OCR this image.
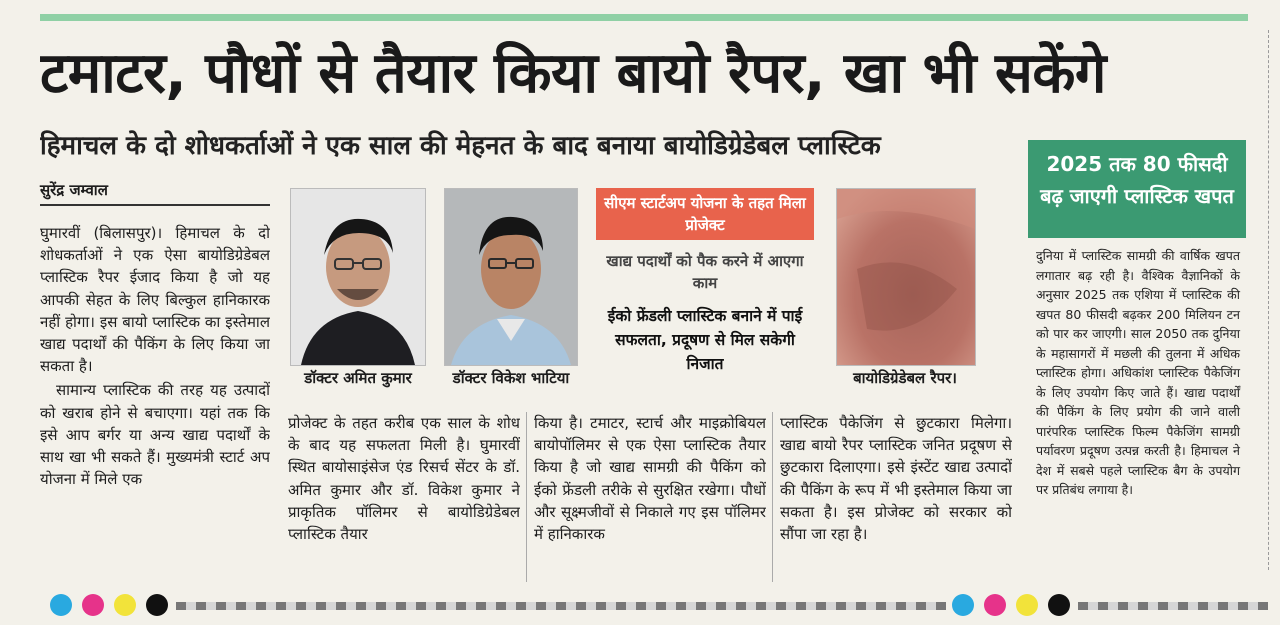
टमाटर, पौधों से तैयार किया बायो रैपर, खा भी सकेंगे
हिमाचल के दो शोधकर्ताओं ने एक साल की मेहनत के बाद बनाया बायोडिग्रेडेबल प्लास्टिक
सुरेंद्र जम्वाल

घुमारवीं (बिलासपुर)। हिमाचल के दो शोधकर्ताओं ने एक ऐसा बायोडिग्रेडेबल प्लास्टिक रैपर ईजाद किया है जो यह आपकी सेहत के लिए बिल्कुल हानिकारक नहीं होगा। इस बायो प्लास्टिक का इस्तेमाल खाद्य पदार्थों की पैकिंग के लिए किया जा सकता है।

सामान्य प्लास्टिक की तरह यह उत्पादों को खराब होने से बचाएगा। यहां तक कि इसे आप बर्गर या अन्य खाद्य पदार्थों के साथ खा भी सकते हैं। मुख्यमंत्री स्टार्ट अप योजना में मिले एक

डॉक्टर अमित कुमार	डॉक्टर विकेश भाटिया
सीएम स्टार्टअप योजना के तहत मिला प्रोजेक्ट
खाद्य पदार्थों को पैक करने में आएगा काम
ईको फ्रेंडली प्लास्टिक बनाने में पाई सफलता, प्रदूषण से मिल सकेगी निजात
बायोडिग्रेडेबल रैपर।
प्रोजेक्ट के तहत करीब एक साल के शोध के बाद यह सफलता मिली है। घुमारवीं स्थित बायोसाइंसेज एंड रिसर्च सेंटर के डॉ. अमित कुमार और डॉ. विकेश कुमार ने प्राकृतिक पॉलिमर से बायोडिग्रेडेबल प्लास्टिक तैयार
किया है। टमाटर, स्टार्च और माइक्रोबियल बायोपॉलिमर से एक ऐसा प्लास्टिक तैयार किया है जो खाद्य सामग्री की पैकिंग को ईको फ्रेंडली तरीके से सुरक्षित रखेगा। पौधों और सूक्ष्मजीवों से निकाले गए इस पॉलिमर में हानिकारक
प्लास्टिक पैकेजिंग से छुटकारा मिलेगा। खाद्य बायो रैपर प्लास्टिक जनित प्रदूषण से छुटकारा दिलाएगा। इसे इंस्टेंट खाद्य उत्पादों की पैकिंग के रूप में भी इस्तेमाल किया जा सकता है। इस प्रोजेक्ट को सरकार को सौंपा जा रहा है।
2025 तक 80 फीसदी बढ़ जाएगी प्लास्टिक खपत
दुनिया में प्लास्टिक सामग्री की वार्षिक खपत लगातार बढ़ रही है। वैश्विक वैज्ञानिकों के अनुसार 2025 तक एशिया में प्लास्टिक की खपत 80 फीसदी बढ़कर 200 मिलियन टन को पार कर जाएगी। साल 2050 तक दुनिया के महासागरों में मछली की तुलना में अधिक प्लास्टिक होगा। अधिकांश प्लास्टिक पैकेजिंग के लिए उपयोग किए जाते हैं। खाद्य पदार्थों की पैकिंग के लिए प्रयोग की जाने वाली पारंपरिक प्लास्टिक फिल्म पैकेजिंग सामग्री पर्यावरण प्रदूषण उत्पन्न करती है। हिमाचल ने देश में सबसे पहले प्लास्टिक बैग के उपयोग पर प्रतिबंध लगाया है।
